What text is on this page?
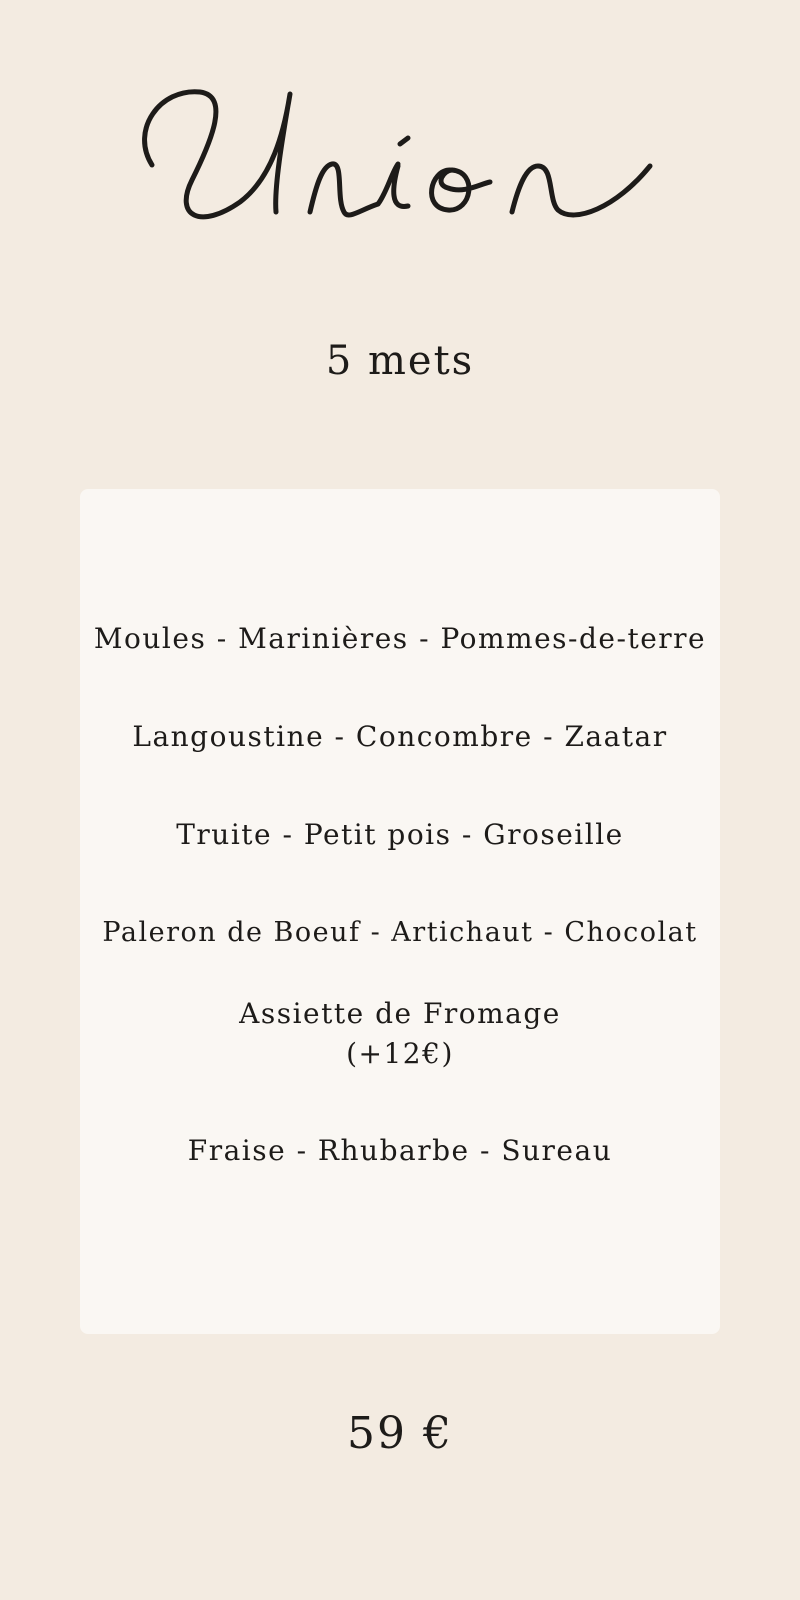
5 mets

Moules - Marinières - Pommes-de-terre

Langoustine - Concombre - Zaatar

Truite - Petit pois - Groseille

Paleron de Boeuf - Artichaut - Chocolat

Assiette de Fromage
(+12€)

Fraise - Rhubarbe - Sureau

59 €
